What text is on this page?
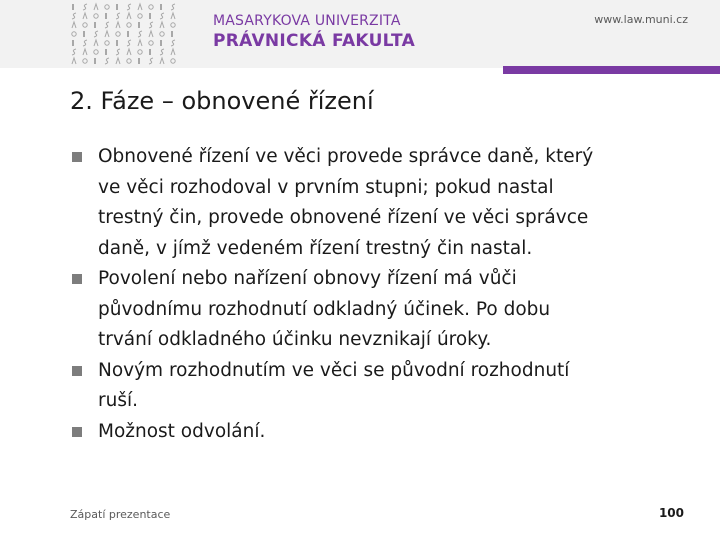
MASARYKOVA UNIVERZITA
PRÁVNICKÁ FAKULTA
www.law.muni.cz
2. Fáze – obnovené řízení
Obnovené řízení ve věci provede správce daně, který
ve věci rozhodoval v prvním stupni; pokud nastal
trestný čin, provede obnovené řízení ve věci správce
daně, v jímž vedeném řízení trestný čin nastal.
Povolení nebo nařízení obnovy řízení má vůči
původnímu rozhodnutí odkladný účinek. Po dobu
trvání odkladného účinku nevznikají úroky.
Novým rozhodnutím ve věci se původní rozhodnutí
ruší.
Možnost odvolání.
Zápatí prezentace	100
